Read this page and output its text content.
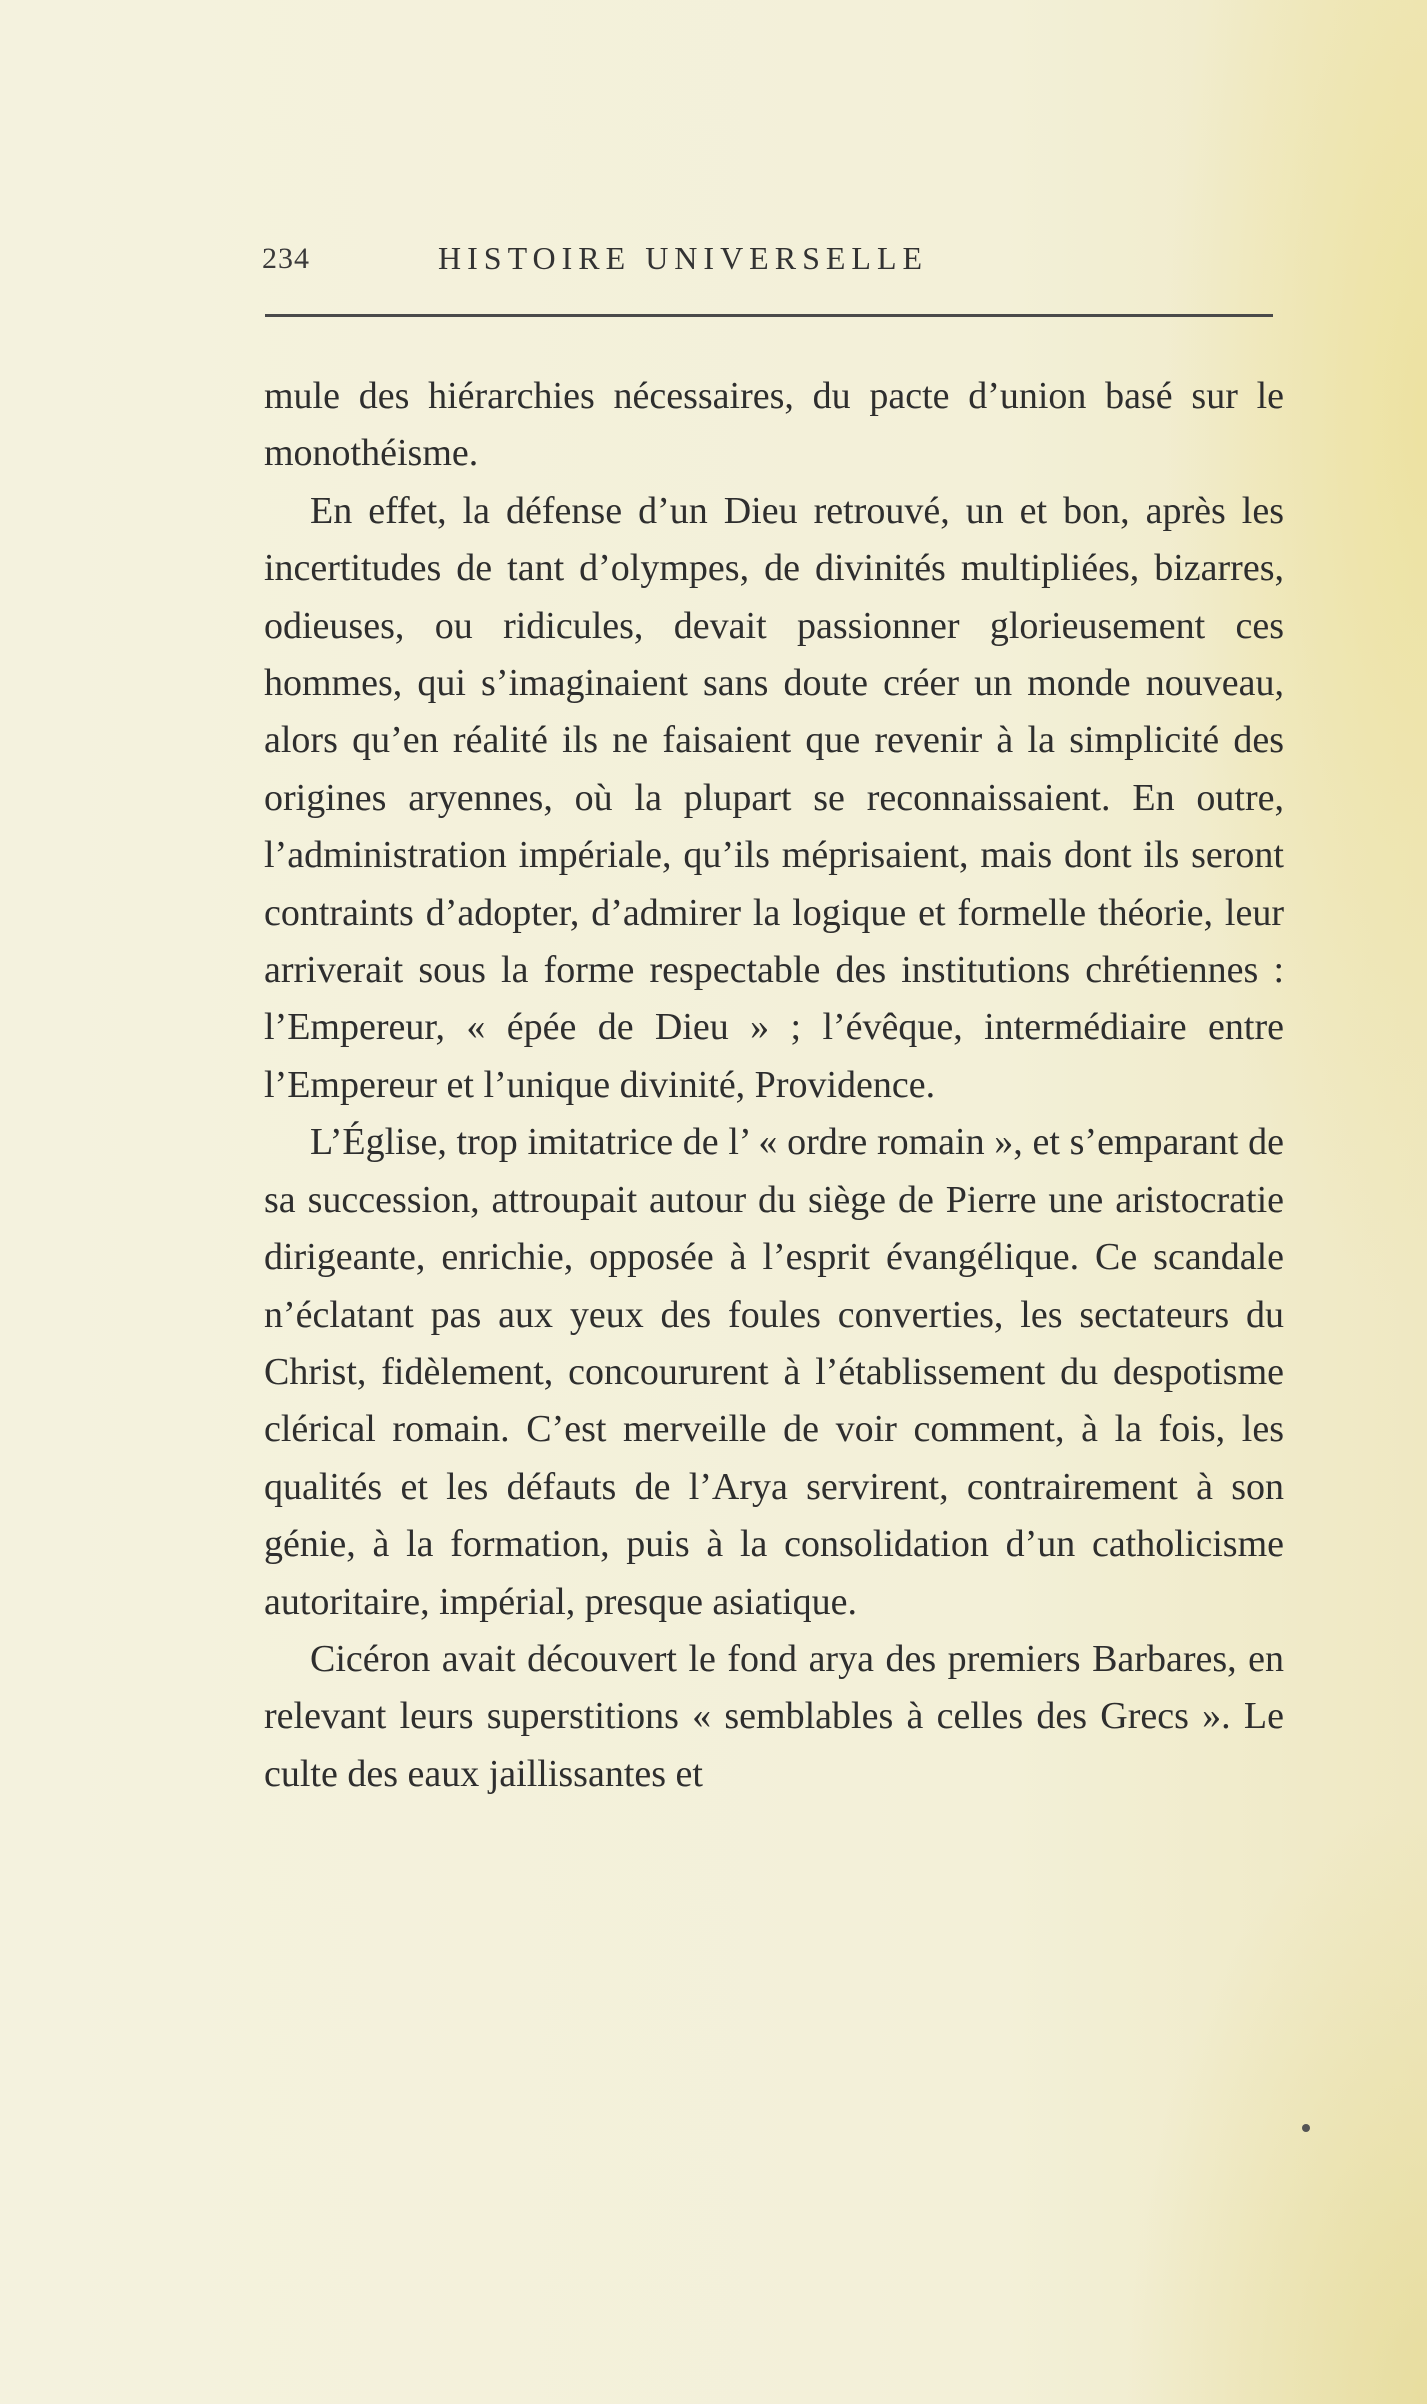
234	HISTOIRE UNIVERSELLE

mule des hiérarchies nécessaires, du pacte d’union basé sur le monothéisme.

En effet, la défense d’un Dieu retrouvé, un et bon, après les incertitudes de tant d’olympes, de divinités multipliées, bizarres, odieuses, ou ridicules, devait passionner glorieusement ces hommes, qui s’imaginaient sans doute créer un monde nouveau, alors qu’en réalité ils ne faisaient que revenir à la simplicité des origines aryennes, où la plupart se reconnaissaient. En outre, l’administration impériale, qu’ils méprisaient, mais dont ils seront contraints d’adopter, d’admirer la logique et formelle théorie, leur arriverait sous la forme respectable des institutions chrétiennes : l’Empereur, « épée de Dieu » ; l’évêque, intermédiaire entre l’Empereur et l’unique divinité, Providence.

L’Église, trop imitatrice de l’ « ordre romain », et s’emparant de sa succession, attroupait autour du siège de Pierre une aristocratie dirigeante, enrichie, opposée à l’esprit évangélique. Ce scandale n’éclatant pas aux yeux des foules converties, les sectateurs du Christ, fidèlement, concoururent à l’établissement du despotisme clérical romain. C’est merveille de voir comment, à la fois, les qualités et les défauts de l’Arya servirent, contrairement à son génie, à la formation, puis à la consolidation d’un catholicisme autoritaire, impérial, presque asiatique.

Cicéron avait découvert le fond arya des premiers Barbares, en relevant leurs superstitions « semblables à celles des Grecs ». Le culte des eaux jaillissantes et
